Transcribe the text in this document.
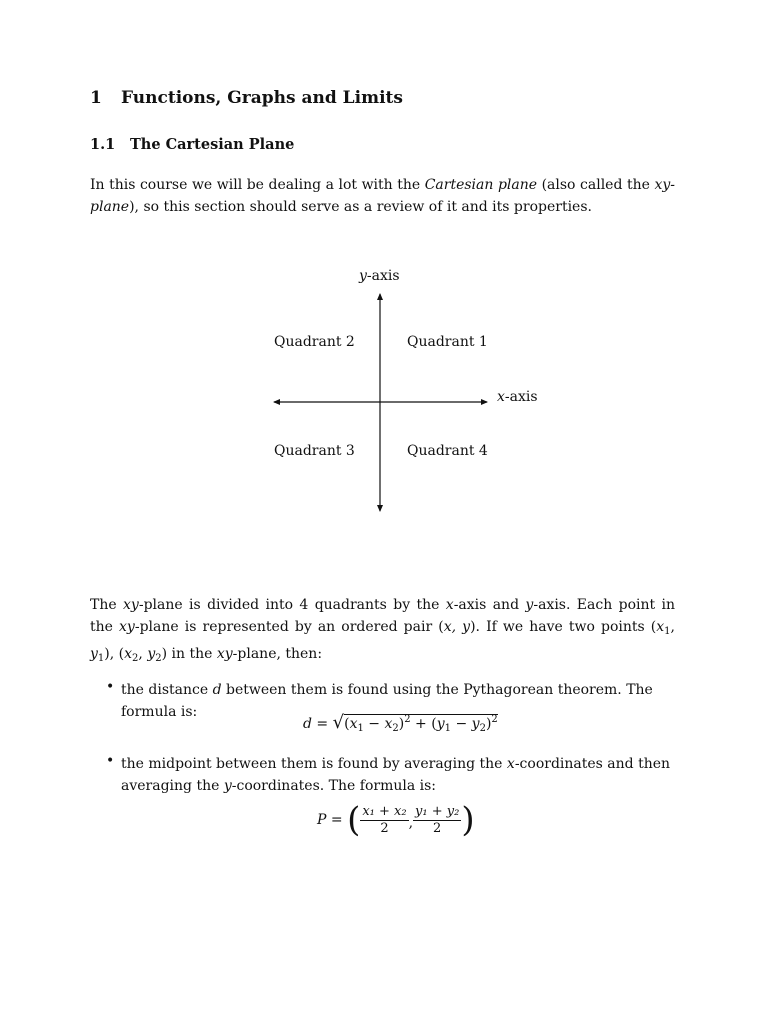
1 Functions, Graphs and Limits
1.1 The Cartesian Plane
In this course we will be dealing a lot with the Cartesian plane (also called the xy-plane), so this section should serve as a review of it and its properties.
y-axis
x-axis
Quadrant 2	Quadrant 1
Quadrant 3	Quadrant 4
The xy-plane is divided into 4 quadrants by the x-axis and y-axis. Each point in the xy-plane is represented by an ordered pair (x, y). If we have two points ($x_1$, $y_1$), ($x_2$, $y_2$) in the xy-plane, then:
• the distance d between them is found using the Pythagorean theorem. The formula is:
$d = √(x_1 - x_2)^2 + (y_1 - y_2)^2$
• the midpoint between them is found by averaging the x-coordinates and then averaging the y-coordinates. The formula is:
P = ( $\frac{\text{x₁ + x₂}}{2}$ , $\frac{\text{y₁ + y₂}}{2}$ )
